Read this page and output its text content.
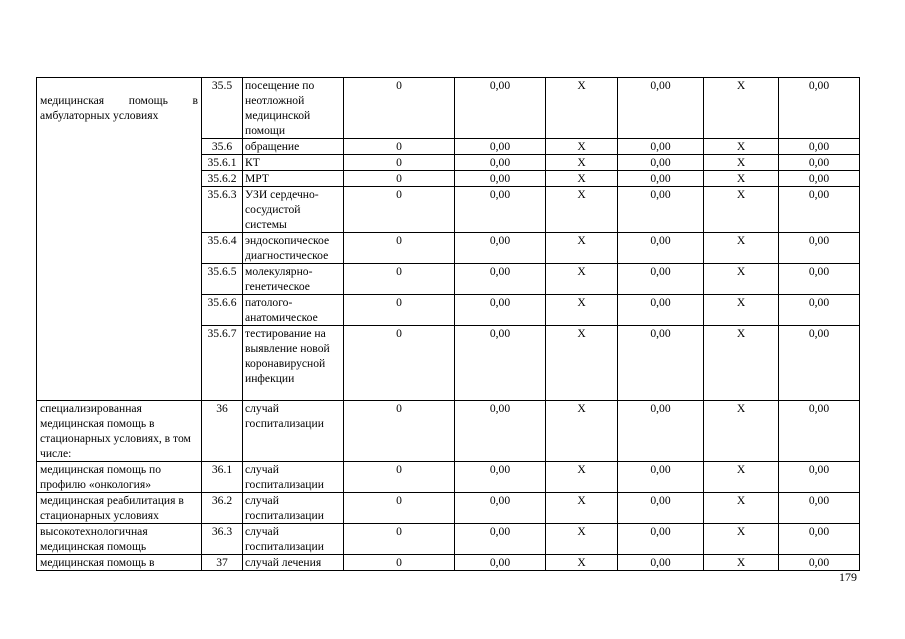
медицинская помощь в амбулаторных условиях	35.5	посещение по неотложной медицинской помощи	0	0,00	X	0,00	X	0,00	
	35.6	обращение	0	0,00	X	0,00	X	0,00	
	35.6.1	КТ	0	0,00	X	0,00	X	0,00	
	35.6.2	МРТ	0	0,00	X	0,00	X	0,00	
	35.6.3	УЗИ сердечно-сосудистой системы	0	0,00	X	0,00	X	0,00	
	35.6.4	эндоскопическое диагностическое	0	0,00	X	0,00	X	0,00	
	35.6.5	молекулярно-генетическое	0	0,00	X	0,00	X	0,00	
	35.6.6	патолого-анатомическое	0	0,00	X	0,00	X	0,00	
	35.6.7	тестирование на выявление новой коронавирусной инфекции	0	0,00	X	0,00	X	0,00	
специализированная медицинская помощь в стационарных условиях, в том числе:	36	случай госпитализации	0	0,00	X	0,00	X	0,00	
медицинская помощь по профилю «онкология»	36.1	случай госпитализации	0	0,00	X	0,00	X	0,00	
медицинская реабилитация в стационарных условиях	36.2	случай госпитализации	0	0,00	X	0,00	X	0,00	
высокотехнологичная медицинская помощь	36.3	случай госпитализации	0	0,00	X	0,00	X	0,00	
медицинская помощь в	37	случай лечения	0	0,00	X	0,00	X	0,00	
179
